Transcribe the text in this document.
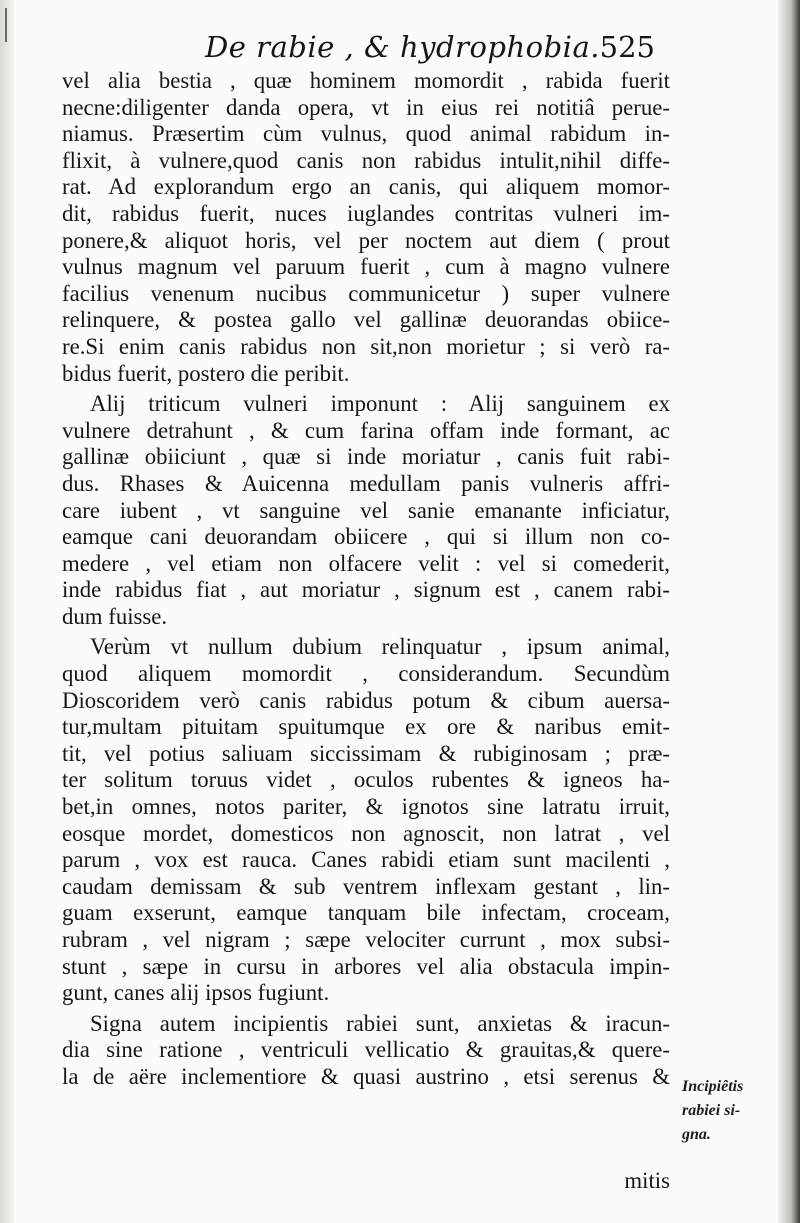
De rabie , & hydrophobia. 525
vel alia bestia , quæ hominem momordit , rabida fuerit
necne:diligenter danda opera, vt in eius rei notitiâ perue-
niamus. Præsertim cùm vulnus, quod animal rabidum in-
flixit, à vulnere,quod canis non rabidus intulit,nihil diffe-
rat. Ad explorandum ergo an canis, qui aliquem momor-
dit, rabidus fuerit, nuces iuglandes contritas vulneri im-
ponere,& aliquot horis, vel per noctem aut diem ( prout
vulnus magnum vel paruum fuerit , cum à magno vulnere
facilius venenum nucibus communicetur ) super vulnere
relinquere, & postea gallo vel gallinæ deuorandas obiice-
re.Si enim canis rabidus non sit,non morietur ; si verò ra-
bidus fuerit, postero die peribit.
Alij triticum vulneri imponunt : Alij sanguinem ex
vulnere detrahunt , & cum farina offam inde formant, ac
gallinæ obiiciunt , quæ si inde moriatur , canis fuit rabi-
dus. Rhases & Auicenna medullam panis vulneris affri-
care iubent , vt sanguine vel sanie emanante inficiatur,
eamque cani deuorandam obiicere , qui si illum non co-
medere , vel etiam non olfacere velit : vel si comederit,
inde rabidus fiat , aut moriatur , signum est , canem rabi-
dum fuisse.
Verùm vt nullum dubium relinquatur , ipsum animal,
quod aliquem momordit , considerandum. Secundùm
Dioscoridem verò canis rabidus potum & cibum auersa-
tur,multam pituitam spuitumque ex ore & naribus emit-
tit, vel potius saliuam siccissimam & rubiginosam ; præ-
ter solitum toruus videt , oculos rubentes & igneos ha-
bet,in omnes, notos pariter, & ignotos sine latratu irruit,
eosque mordet, domesticos non agnoscit, non latrat , vel
parum , vox est rauca. Canes rabidi etiam sunt macilenti ,
caudam demissam & sub ventrem inflexam gestant , lin-
guam exserunt, eamque tanquam bile infectam, croceam,
rubram , vel nigram ; sæpe velociter currunt , mox subsi-
stunt , sæpe in cursu in arbores vel alia obstacula impin-
gunt, canes alij ipsos fugiunt.
Signa autem incipientis rabiei sunt, anxietas & iracun-
dia sine ratione , ventriculi vellicatio & grauitas,& quere-
la de aëre inclementiore & quasi austrino , etsi serenus & Incipiêtis
rabiei si-
gna.
mitis
